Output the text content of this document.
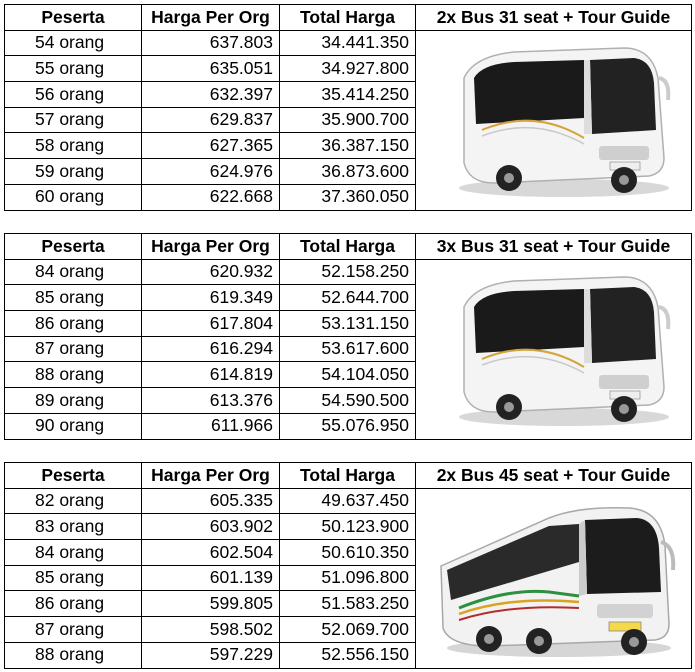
Peserta	Harga Per Org	Total Harga	2x Bus 31 seat + Tour Guide
54 orang	637.803	34.441.350	

55 orang	635.051	34.927.800	
56 orang	632.397	35.414.250	
57 orang	629.837	35.900.700	
58 orang	627.365	36.387.150	
59 orang	624.976	36.873.600	
60 orang	622.668	37.360.050	
Peserta	Harga Per Org	Total Harga	3x Bus 31 seat + Tour Guide
84 orang	620.932	52.158.250	

85 orang	619.349	52.644.700	
86 orang	617.804	53.131.150	
87 orang	616.294	53.617.600	
88 orang	614.819	54.104.050	
89 orang	613.376	54.590.500	
90 orang	611.966	55.076.950	
Peserta	Harga Per Org	Total Harga	2x Bus 45 seat + Tour Guide
82 orang	605.335	49.637.450	

83 orang	603.902	50.123.900	
84 orang	602.504	50.610.350	
85 orang	601.139	51.096.800	
86 orang	599.805	51.583.250	
87 orang	598.502	52.069.700	
88 orang	597.229	52.556.150	
